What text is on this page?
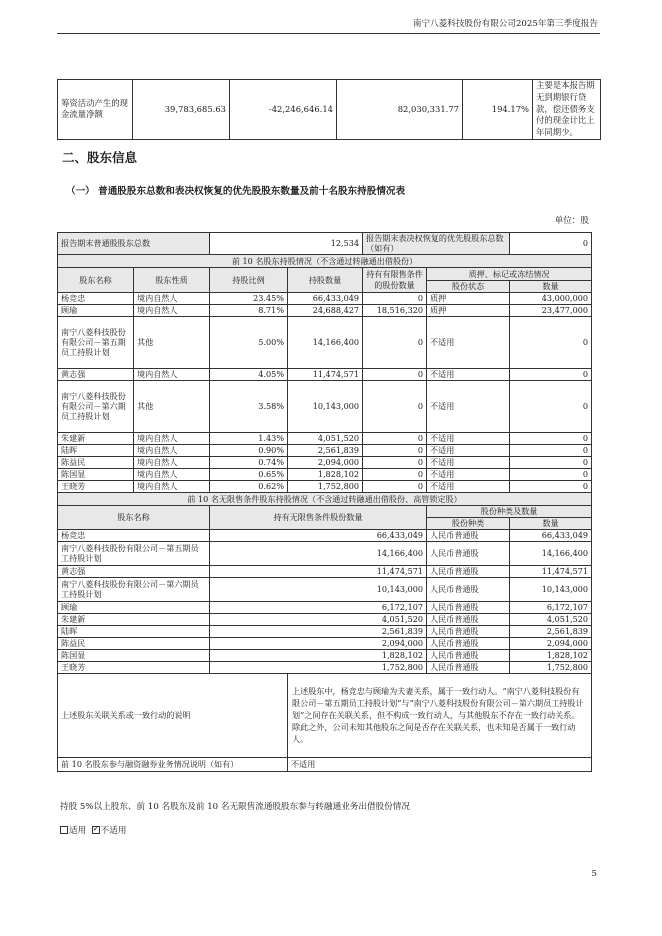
南宁八菱科技股份有限公司2025年第三季度报告
筹资活动产生的现金流量净额	39,783,685.63	-42,246,646.14	82,030,331.77	194.17%	主要是本报告期无到期银行贷款，偿还债务支付的现金计比上年同期少。
二、股东信息
（一） 普通股股东总数和表决权恢复的优先股股东数量及前十名股东持股情况表
单位：股
报告期末普通股股东总数		12,534		报告期末表决权恢复的优先股股东总数（如有）		0
前 10 名股东持股情况（不含通过转融通出借股份）						
股东名称	股东性质	持股比例	持股数量	持有有限售条件的股份数量	质押、标记或冻结情况	
					股份状态	数量
杨竞忠	境内自然人	23.45%	66,433,049	0	质押	43,000,000
顾瑜	境内自然人	8.71%	24,688,427	18,516,320	质押	23,477,000
南宁八菱科技股份有限公司－第五期员工持股计划	其他	5.00%	14,166,400	0	不适用	0
黄志强	境内自然人	4.05%	11,474,571	0	不适用	0
南宁八菱科技股份有限公司－第六期员工持股计划	其他	3.58%	10,143,000	0	不适用	0
朱建新	境内自然人	1.43%	4,051,520	0	不适用	0
陆晖	境内自然人	0.90%	2,561,839	0	不适用	0
陈益民	境内自然人	0.74%	2,094,000	0	不适用	0
陈国显	境内自然人	0.65%	1,828,102	0	不适用	0
王晓芳	境内自然人	0.62%	1,752,800	0	不适用	0
前 10 名无限售条件股东持股情况（不含通过转融通出借股份、高管锁定股）						
股东名称		持有无限售条件股份数量			股份种类及数量	
					股份种类	数量
杨竞忠		66,433,049			人民币普通股	66,433,049
南宁八菱科技股份有限公司－第五期员工持股计划		14,166,400			人民币普通股	14,166,400
黄志强		11,474,571			人民币普通股	11,474,571
南宁八菱科技股份有限公司－第六期员工持股计划		10,143,000			人民币普通股	10,143,000
顾瑜		6,172,107			人民币普通股	6,172,107
朱建新		4,051,520			人民币普通股	4,051,520
陆晖		2,561,839			人民币普通股	2,561,839
陈益民		2,094,000			人民币普通股	2,094,000
陈国显		1,828,102			人民币普通股	1,828,102
王晓芳		1,752,800			人民币普通股	1,752,800
上述股东关联关系或一致行动的说明			上述股东中，杨竞忠与顾瑜为夫妻关系，属于一致行动人。“南宁八菱科技股份有限公司－第五期员工持股计划”与“南宁八菱科技股份有限公司－第六期员工持股计划”之间存在关联关系，但不构成一致行动人，与其他股东不存在一致行动关系。除此之外，公司未知其他股东之间是否存在关联关系，也未知是否属于一致行动人。			
前 10 名股东参与融资融券业务情况说明（如有）			不适用			
持股 5%以上股东、前 10 名股东及前 10 名无限售流通股股东参与转融通业务出借股份情况
适用 ✓ 不适用
5
